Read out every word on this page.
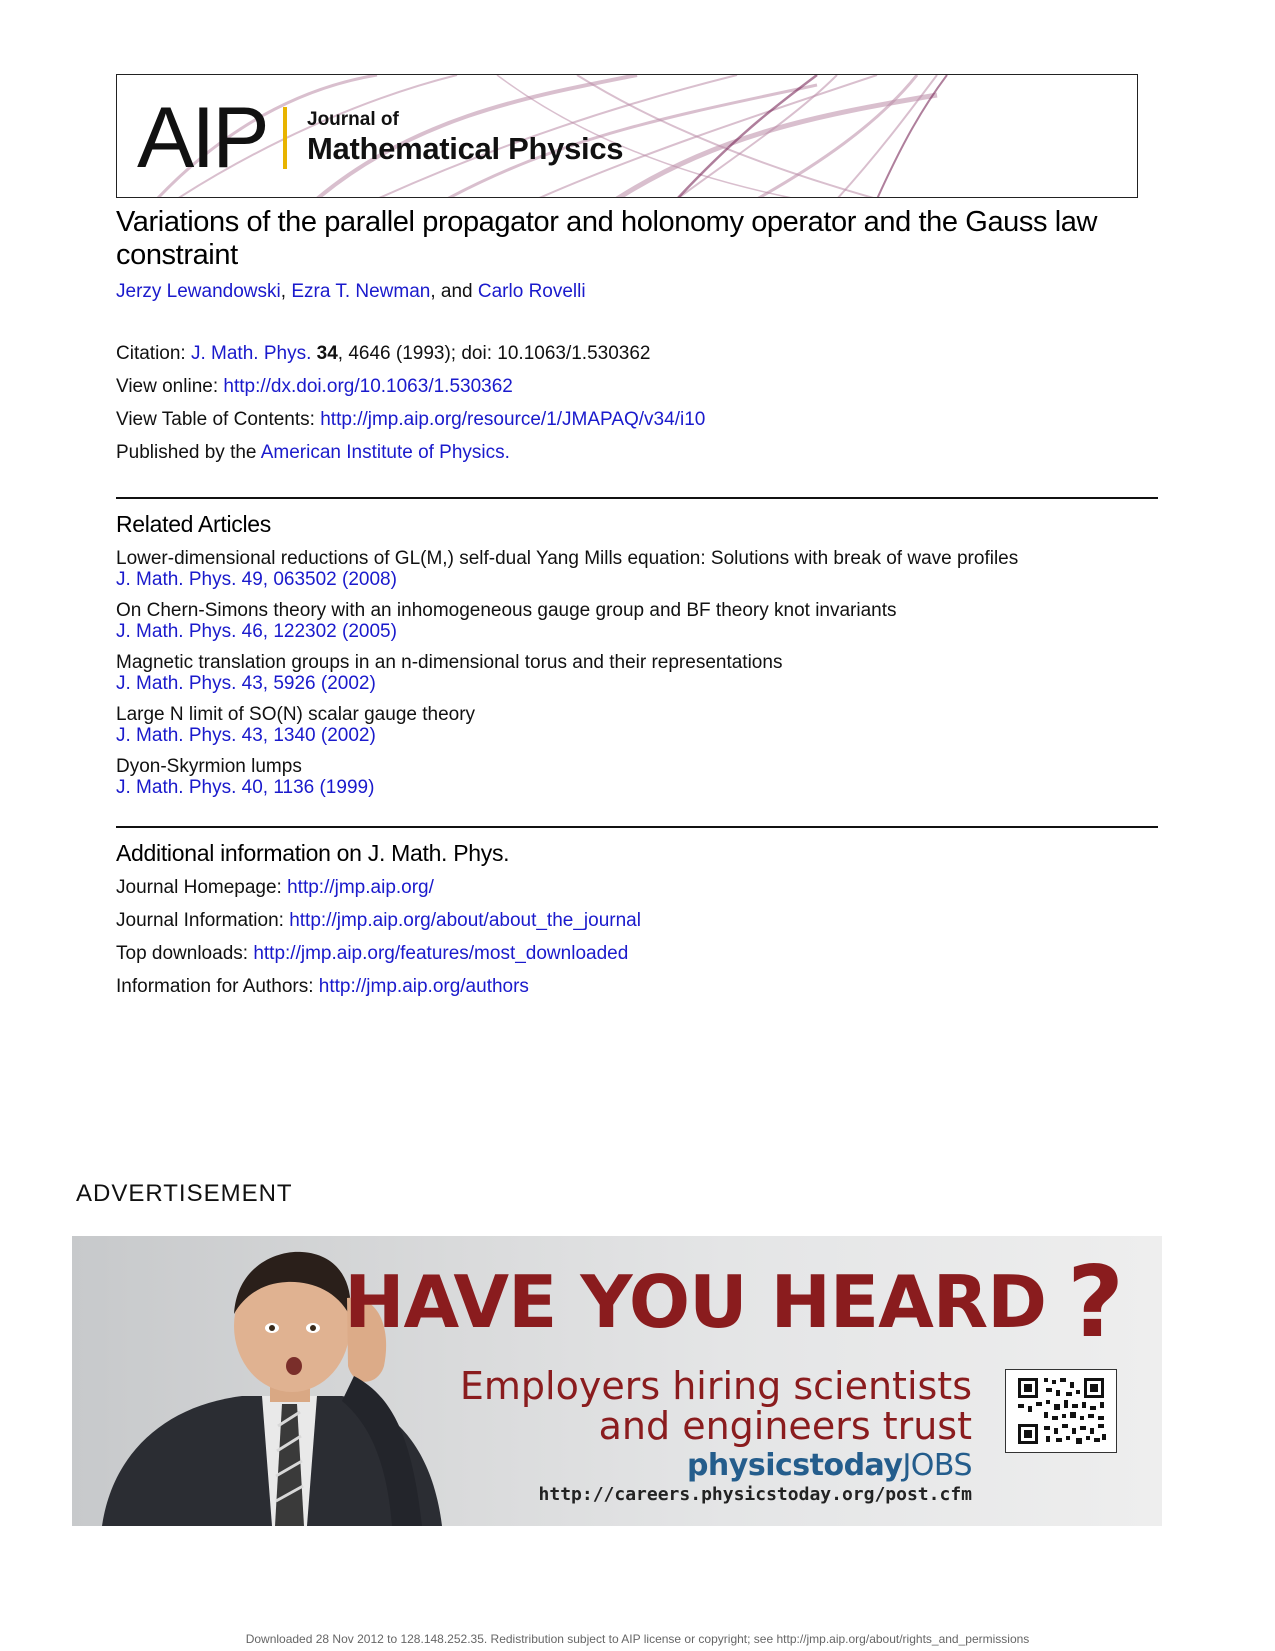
AIP Journal of
Mathematical Physics
Variations of the parallel propagator and holonomy operator and the Gauss law constraint
Jerzy Lewandowski, Ezra T. Newman, and Carlo Rovelli
Citation: J. Math. Phys. 34, 4646 (1993); doi: 10.1063/1.530362
View online: http://dx.doi.org/10.1063/1.530362
View Table of Contents: http://jmp.aip.org/resource/1/JMAPAQ/v34/i10
Published by the American Institute of Physics.
Related Articles
Lower-dimensional reductions of GL(M,) self-dual Yang Mills equation: Solutions with break of wave profiles
J. Math. Phys. 49, 063502 (2008)
On Chern-Simons theory with an inhomogeneous gauge group and BF theory knot invariants
J. Math. Phys. 46, 122302 (2005)
Magnetic translation groups in an n-dimensional torus and their representations
J. Math. Phys. 43, 5926 (2002)
Large N limit of SO(N) scalar gauge theory
J. Math. Phys. 43, 1340 (2002)
Dyon-Skyrmion lumps
J. Math. Phys. 40, 1136 (1999)
Additional information on J. Math. Phys.
Journal Homepage: http://jmp.aip.org/
Journal Information: http://jmp.aip.org/about/about_the_journal
Top downloads: http://jmp.aip.org/features/most_downloaded
Information for Authors: http://jmp.aip.org/authors
ADVERTISEMENT
HAVE YOU HEARD ?
Employers hiring scientists
and engineers trust
physicstodayJOBS
http://careers.physicstoday.org/post.cfm
Downloaded 28 Nov 2012 to 128.148.252.35. Redistribution subject to AIP license or copyright; see http://jmp.aip.org/about/rights_and_permissions
